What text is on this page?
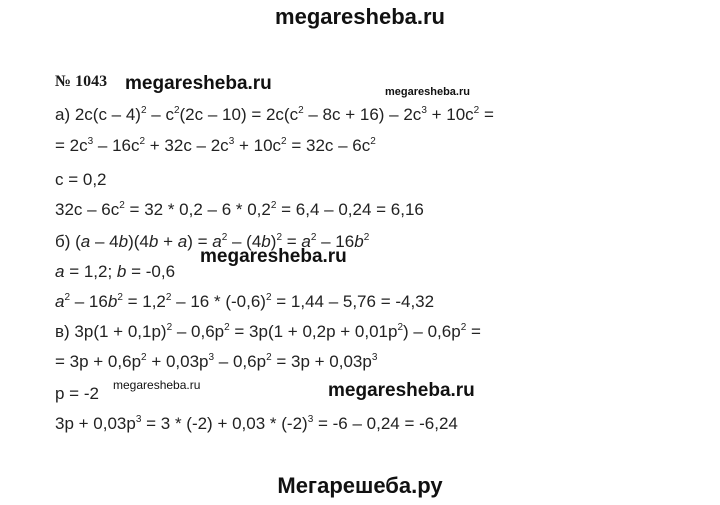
megaresheba.ru
№ 1043 megaresheba.ru	megaresheba.ru
а) $2c(c - 4)^2 - c^2(2c - 10) = 2c(c^2 - 8c + 16) - 2c^3 + 10c^2$ =
= $2c^3 - 16c^2 + 32c - 2c^3 + 10c^2 = 32c - 6c^2$
c = 0,2
$32c - 6c^2 = 32 * 0,2 - 6 * 0,2^2 = 6,4 - 0,24 = 6,16$
б) $(a - 4b)(4b + a) = a^2 - (4b)^2 = a^2 - 16b^2$
a = 1,2; b = -0,6
megaresheba.ru
$a^2 - 16b^2 = 1,2^2 - 16 * (-0,6)^2 = 1,44 - 5,76 = -4,32$
в) $3p(1 + 0,1p)^2 - 0,6p^2 = 3p(1 + 0,2p + 0,01p^2) - 0,6p^2$ =
= $3p + 0,6p^2 + 0,03p^3 - 0,6p^2 = 3p + 0,03p^3$
p = -2 megaresheba.ru	megaresheba.ru
$3p + 0,03p^3 = 3 * (-2) + 0,03 * (-2)^3 = -6 - 0,24 = -6,24$
Мегарешеба.ру
